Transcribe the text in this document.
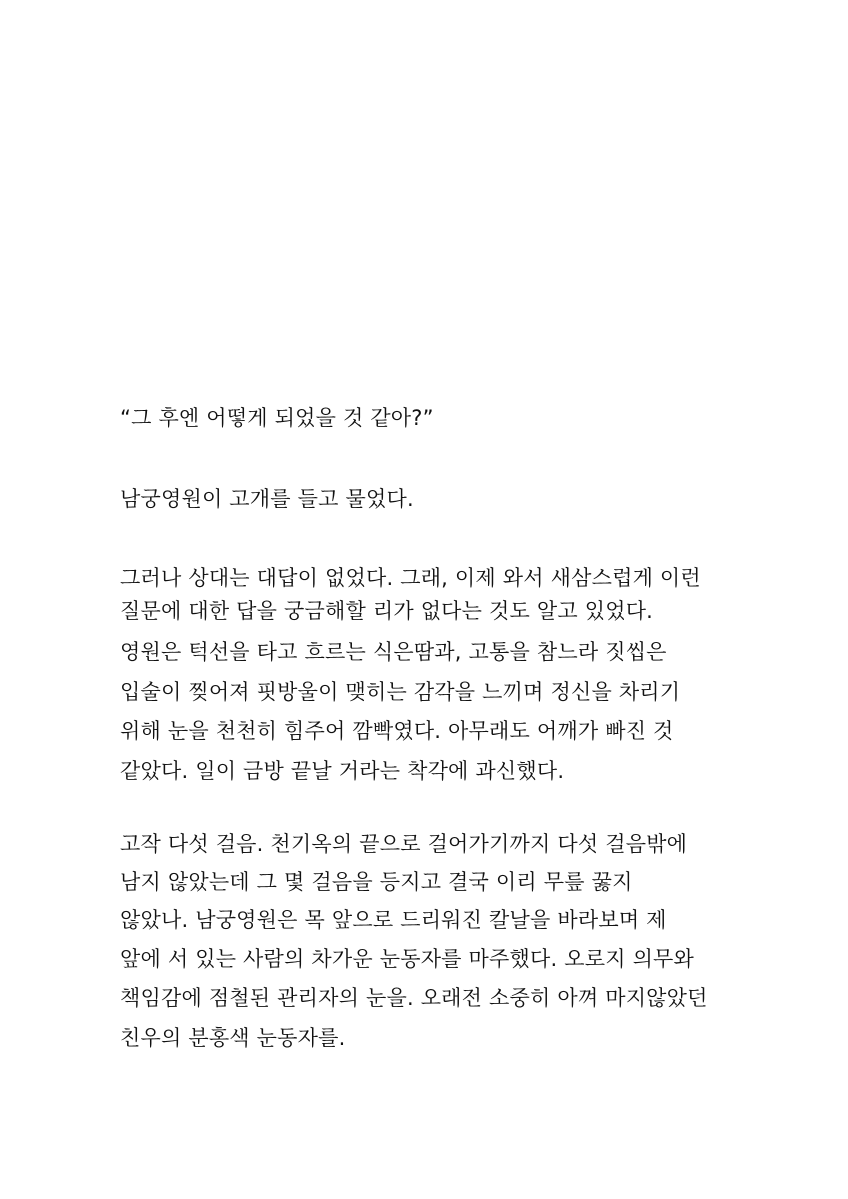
“그 후엔 어떻게 되었을 것 같아?”
남궁영원이 고개를 들고 물었다.
그러나 상대는 대답이 없었다. 그래, 이제 와서 새삼스럽게 이런
질문에 대한 답을 궁금해할 리가 없다는 것도 알고 있었다.
영원은 턱선을 타고 흐르는 식은땀과, 고통을 참느라 짓씹은
입술이 찢어져 핏방울이 맺히는 감각을 느끼며 정신을 차리기
위해 눈을 천천히 힘주어 깜빡였다. 아무래도 어깨가 빠진 것
같았다. 일이 금방 끝날 거라는 착각에 과신했다.
고작 다섯 걸음. 천기옥의 끝으로 걸어가기까지 다섯 걸음밖에
남지 않았는데 그 몇 걸음을 등지고 결국 이리 무릎 꿇지
않았나. 남궁영원은 목 앞으로 드리워진 칼날을 바라보며 제
앞에 서 있는 사람의 차가운 눈동자를 마주했다. 오로지 의무와
책임감에 점철된 관리자의 눈을. 오래전 소중히 아껴 마지않았던
친우의 분홍색 눈동자를.
